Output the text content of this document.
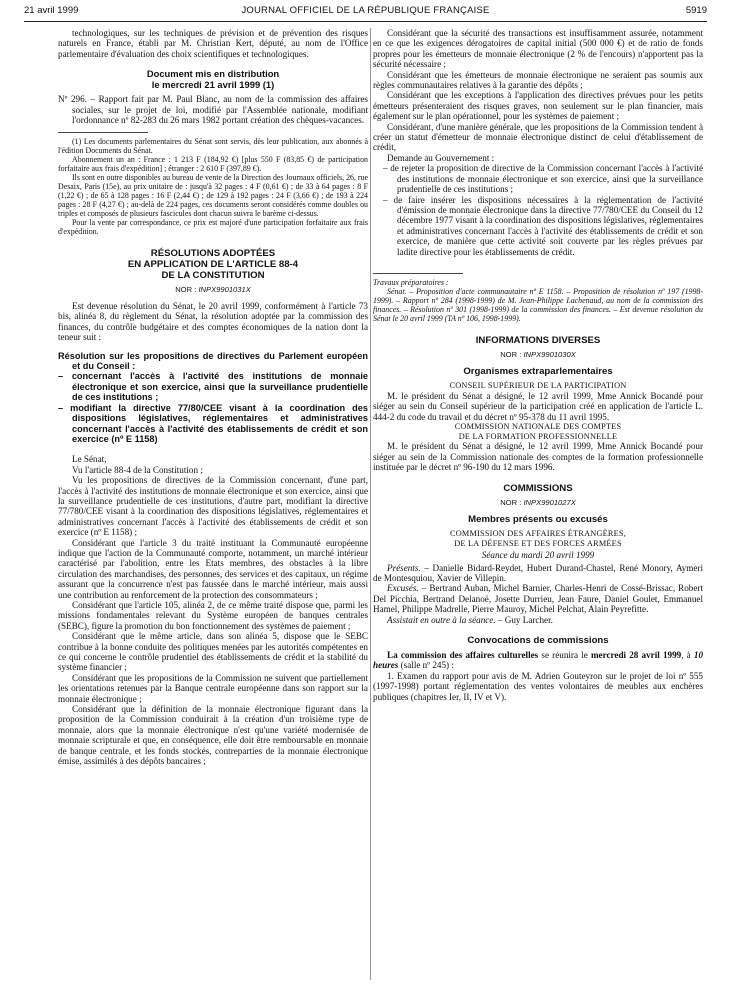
21 avril 1999	JOURNAL OFFICIEL DE LA RÉPUBLIQUE FRANÇAISE	5919

technologiques, sur les techniques de prévision et de prévention des risques naturels en France, établi par M. Christian Kert, député, au nom de l'Office parlementaire d'évaluation des choix scientifiques et technologiques.

Document mis en distribution
le mercredi 21 avril 1999 (1)

Nº 296. – Rapport fait par M. Paul Blanc, au nom de la commission des affaires sociales, sur le projet de loi, modifié par l'Assemblée nationale, modifiant l'ordonnance nº 82-283 du 26 mars 1982 portant création des chèques-vacances.

(1) Les documents parlementaires du Sénat sont servis, dès leur publication, aux abonnés à l'édition Documents du Sénat.

Abonnement un an : France : 1 213 F (184,92 €) [plus 550 F (83,85 €) de participation forfaitaire aux frais d'expédition] ; étranger : 2 610 F (397,89 €).

Ils sont en outre disponibles au bureau de vente de la Direction des Journaux officiels, 26, rue Desaix, Paris (15e), au prix unitaire de : jusqu'à 32 pages : 4 F (0,61 €) ; de 33 à 64 pages : 8 F (1,22 €) ; de 65 à 128 pages : 16 F (2,44 €) ; de 129 à 192 pages : 24 F (3,66 €) ; de 193 à 224 pages : 28 F (4,27 €) ; au-delà de 224 pages, ces documents seront considérés comme doubles ou triples et composés de plusieurs fascicules dont chacun suivra le barème ci-dessus.

Pour la vente par correspondance, ce prix est majoré d'une participation forfaitaire aux frais d'expédition.

RÉSOLUTIONS ADOPTÉES
EN APPLICATION DE L'ARTICLE 88-4
DE LA CONSTITUTION
NOR : INPX9901031X

Est devenue résolution du Sénat, le 20 avril 1999, conformément à l'article 73 bis, alinéa 8, du règlement du Sénat, la résolution adoptée par la commission des finances, du contrôle budgétaire et des comptes économiques de la nation dont la teneur suit :

Résolution sur les propositions de directives du Parlement européen et du Conseil :

– concernant l'accès à l'activité des institutions de monnaie électronique et son exercice, ainsi que la surveillance prudentielle de ces institutions ;

– modifiant la directive 77/80/CEE visant à la coordination des dispositions législatives, réglementaires et administratives concernant l'accès à l'activité des établissements de crédit et son exercice (nº E 1158)

Le Sénat,

Vu l'article 88-4 de la Constitution ;

Vu les propositions de directives de la Commission concernant, d'une part, l'accès à l'activité des institutions de monnaie électronique et son exercice, ainsi que la surveillance prudentielle de ces institutions, d'autre part, modifiant la directive 77/780/CEE visant à la coordination des dispositions législatives, réglementaires et administratives concernant l'accès à l'activité des établissements de crédit et son exercice (nº E 1158) ;

Considérant que l'article 3 du traité instituant la Communauté européenne indique que l'action de la Communauté comporte, notamment, un marché intérieur caractérisé par l'abolition, entre les Etats membres, des obstacles à la libre circulation des marchandises, des personnes, des services et des capitaux, un régime assurant que la concurrence n'est pas faussée dans le marché intérieur, mais aussi une contribution au renforcement de la protection des consommateurs ;

Considérant que l'article 105, alinéa 2, de ce même traité dispose que, parmi les missions fondamentales relevant du Système européen de banques centrales (SEBC), figure la promotion du bon fonctionnement des systèmes de paiement ;

Considérant que le même article, dans son alinéa 5, dispose que le SEBC contribue à la bonne conduite des politiques menées par les autorités compétentes en ce qui concerne le contrôle prudentiel des établissements de crédit et la stabilité du système financier ;

Considérant que les propositions de la Commission ne suivent que partiellement les orientations retenues par la Banque centrale européenne dans son rapport sur la monnaie électronique ;

Considérant que la définition de la monnaie électronique figurant dans la proposition de la Commission conduirait à la création d'un troisième type de monnaie, alors que la monnaie électronique n'est qu'une variété modernisée de monnaie scripturale et que, en conséquence, elle doit être remboursable en monnaie de banque centrale, et les fonds stockés, contreparties de la monnaie électronique émise, assimilés à des dépôts bancaires ;

Considérant que la sécurité des transactions est insuffisamment assurée, notamment en ce que les exigences dérogatoires de capital initial (500 000 €) et de ratio de fonds propres pour les émetteurs de monnaie électronique (2 % de l'encours) n'apportent pas la sécurité nécessaire ;

Considérant que les émetteurs de monnaie électronique ne seraient pas soumis aux règles communautaires relatives à la garantie des dépôts ;

Considérant que les exceptions à l'application des directives prévues pour les petits émetteurs présenteraient des risques graves, non seulement sur le plan financier, mais également sur le plan opérationnel, pour les systèmes de paiement ;

Considérant, d'une manière générale, que les propositions de la Commission tendent à créer un statut d'émetteur de monnaie électronique distinct de celui d'établissement de crédit,

Demande au Gouvernement :

– de rejeter la proposition de directive de la Commission concernant l'accès à l'activité des institutions de monnaie électronique et son exercice, ainsi que la surveillance prudentielle de ces institutions ;

– de faire insérer les dispositions nécessaires à la réglementation de l'activité d'émission de monnaie électronique dans la directive 77/780/CEE du Conseil du 12 décembre 1977 visant à la coordination des dispositions législatives, réglementaires et administratives concernant l'accès à l'activité des établissements de crédit et son exercice, de manière que cette activité soit couverte par les règles prévues par ladite directive pour les établissements de crédit.

Travaux préparatoires :

Sénat. – Proposition d'acte communautaire nº E 1158. – Proposition de résolution nº 197 (1998-1999). – Rapport nº 284 (1998-1999) de M. Jean-Philippe Lachenaud, au nom de la commission des finances. – Résolution nº 301 (1998-1999) de la commission des finances. – Est devenue résolution du Sénat le 20 avril 1999 (TA nº 106, 1998-1999).

INFORMATIONS DIVERSES
NOR : INPX9901030X
Organismes extraparlementaires
CONSEIL SUPÉRIEUR DE LA PARTICIPATION

M. le président du Sénat a désigné, le 12 avril 1999, Mme Annick Bocandé pour siéger au sein du Conseil supérieur de la participation créé en application de l'article L. 444-2 du code du travail et du décret nº 95-378 du 11 avril 1995.

COMMISSION NATIONALE DES COMPTES
DE LA FORMATION PROFESSIONNELLE

M. le président du Sénat a désigné, le 12 avril 1999, Mme Annick Bocandé pour siéger au sein de la Commission nationale des comptes de la formation professionnelle instituée par le décret nº 96-190 du 12 mars 1996.

COMMISSIONS
NOR : INPX9901027X
Membres présents ou excusés
COMMISSION DES AFFAIRES ÉTRANGÈRES,
DE LA DÉFENSE ET DES FORCES ARMÉES
Séance du mardi 20 avril 1999

Présents. – Danielle Bidard-Reydet, Hubert Durand-Chastel, René Monory, Aymeri de Montesquiou, Xavier de Villepin.

Excusés. – Bertrand Auban, Michel Barnier, Charles-Henri de Cossé-Brissac, Robert Del Picchia, Bertrand Delanoë, Josette Durrieu, Jean Faure, Daniel Goulet, Emmanuel Hamel, Philippe Madrelle, Pierre Mauroy, Michel Pelchat, Alain Peyrefitte.

Assistait en outre à la séance. – Guy Larcher.

Convocations de commissions

La commission des affaires culturelles se réunira le mercredi 28 avril 1999, à 10 heures (salle nº 245) :

1. Examen du rapport pour avis de M. Adrien Gouteyron sur le projet de loi nº 555 (1997-1998) portant réglementation des ventes volontaires de meubles aux enchères publiques (chapitres Ier, II, IV et V).
